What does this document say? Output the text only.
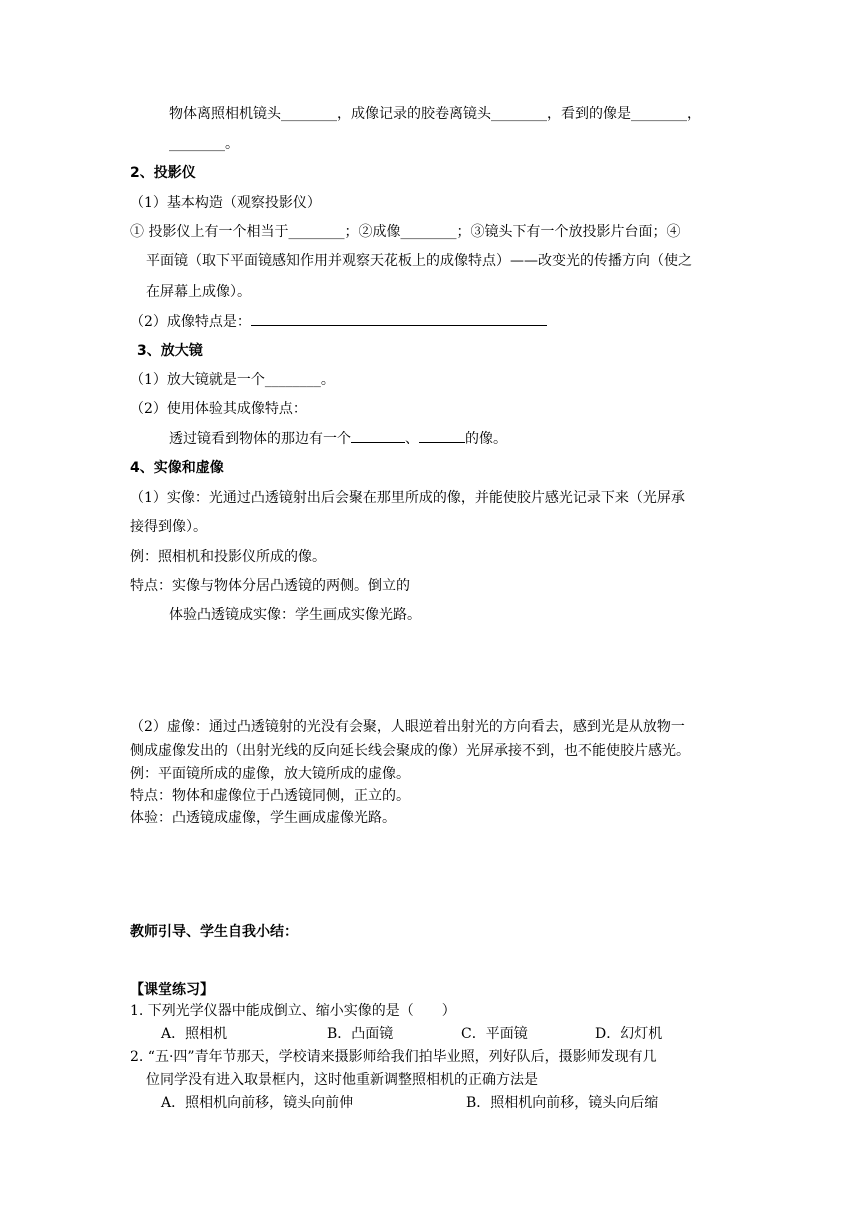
物体离照相机镜头________，成像记录的胶卷离镜头________，看到的像是________，
________。
2、投影仪
（1）基本构造（观察投影仪）
① 投影仪上有一个相当于________；②成像________；③镜头下有一个放投影片台面；④
平面镜（取下平面镜感知作用并观察天花板上的成像特点）——改变光的传播方向（使之
在屏幕上成像）。
（2）成像特点是：
3、放大镜
（1）放大镜就是一个________。
（2）使用体验其成像特点：
透过镜看到物体的那边有一个	、	的像。
4、实像和虚像
（1）实像：光通过凸透镜射出后会聚在那里所成的像，并能使胶片感光记录下来（光屏承
接得到像）。
例：照相机和投影仪所成的像。
特点：实像与物体分居凸透镜的两侧。倒立的
体验凸透镜成实像：学生画成实像光路。
（2）虚像：通过凸透镜射的光没有会聚，人眼逆着出射光的方向看去，感到光是从放物一
侧成虚像发出的（出射光线的反向延长线会聚成的像）光屏承接不到，也不能使胶片感光。
例：平面镜所成的虚像，放大镜所成的虚像。
特点：物体和虚像位于凸透镜同侧，正立的。
体验：凸透镜成虚像，学生画成虚像光路。
教师引导、学生自我小结：
【课堂练习】
1. 下列光学仪器中能成倒立、缩小实像的是（　　）
A．照相机	B．凸面镜	C．平面镜	D．幻灯机
2. “五·四”青年节那天，学校请来摄影师给我们拍毕业照，列好队后，摄影师发现有几
位同学没有进入取景框内，这时他重新调整照相机的正确方法是
A．照相机向前移，镜头向前伸	B．照相机向前移，镜头向后缩
